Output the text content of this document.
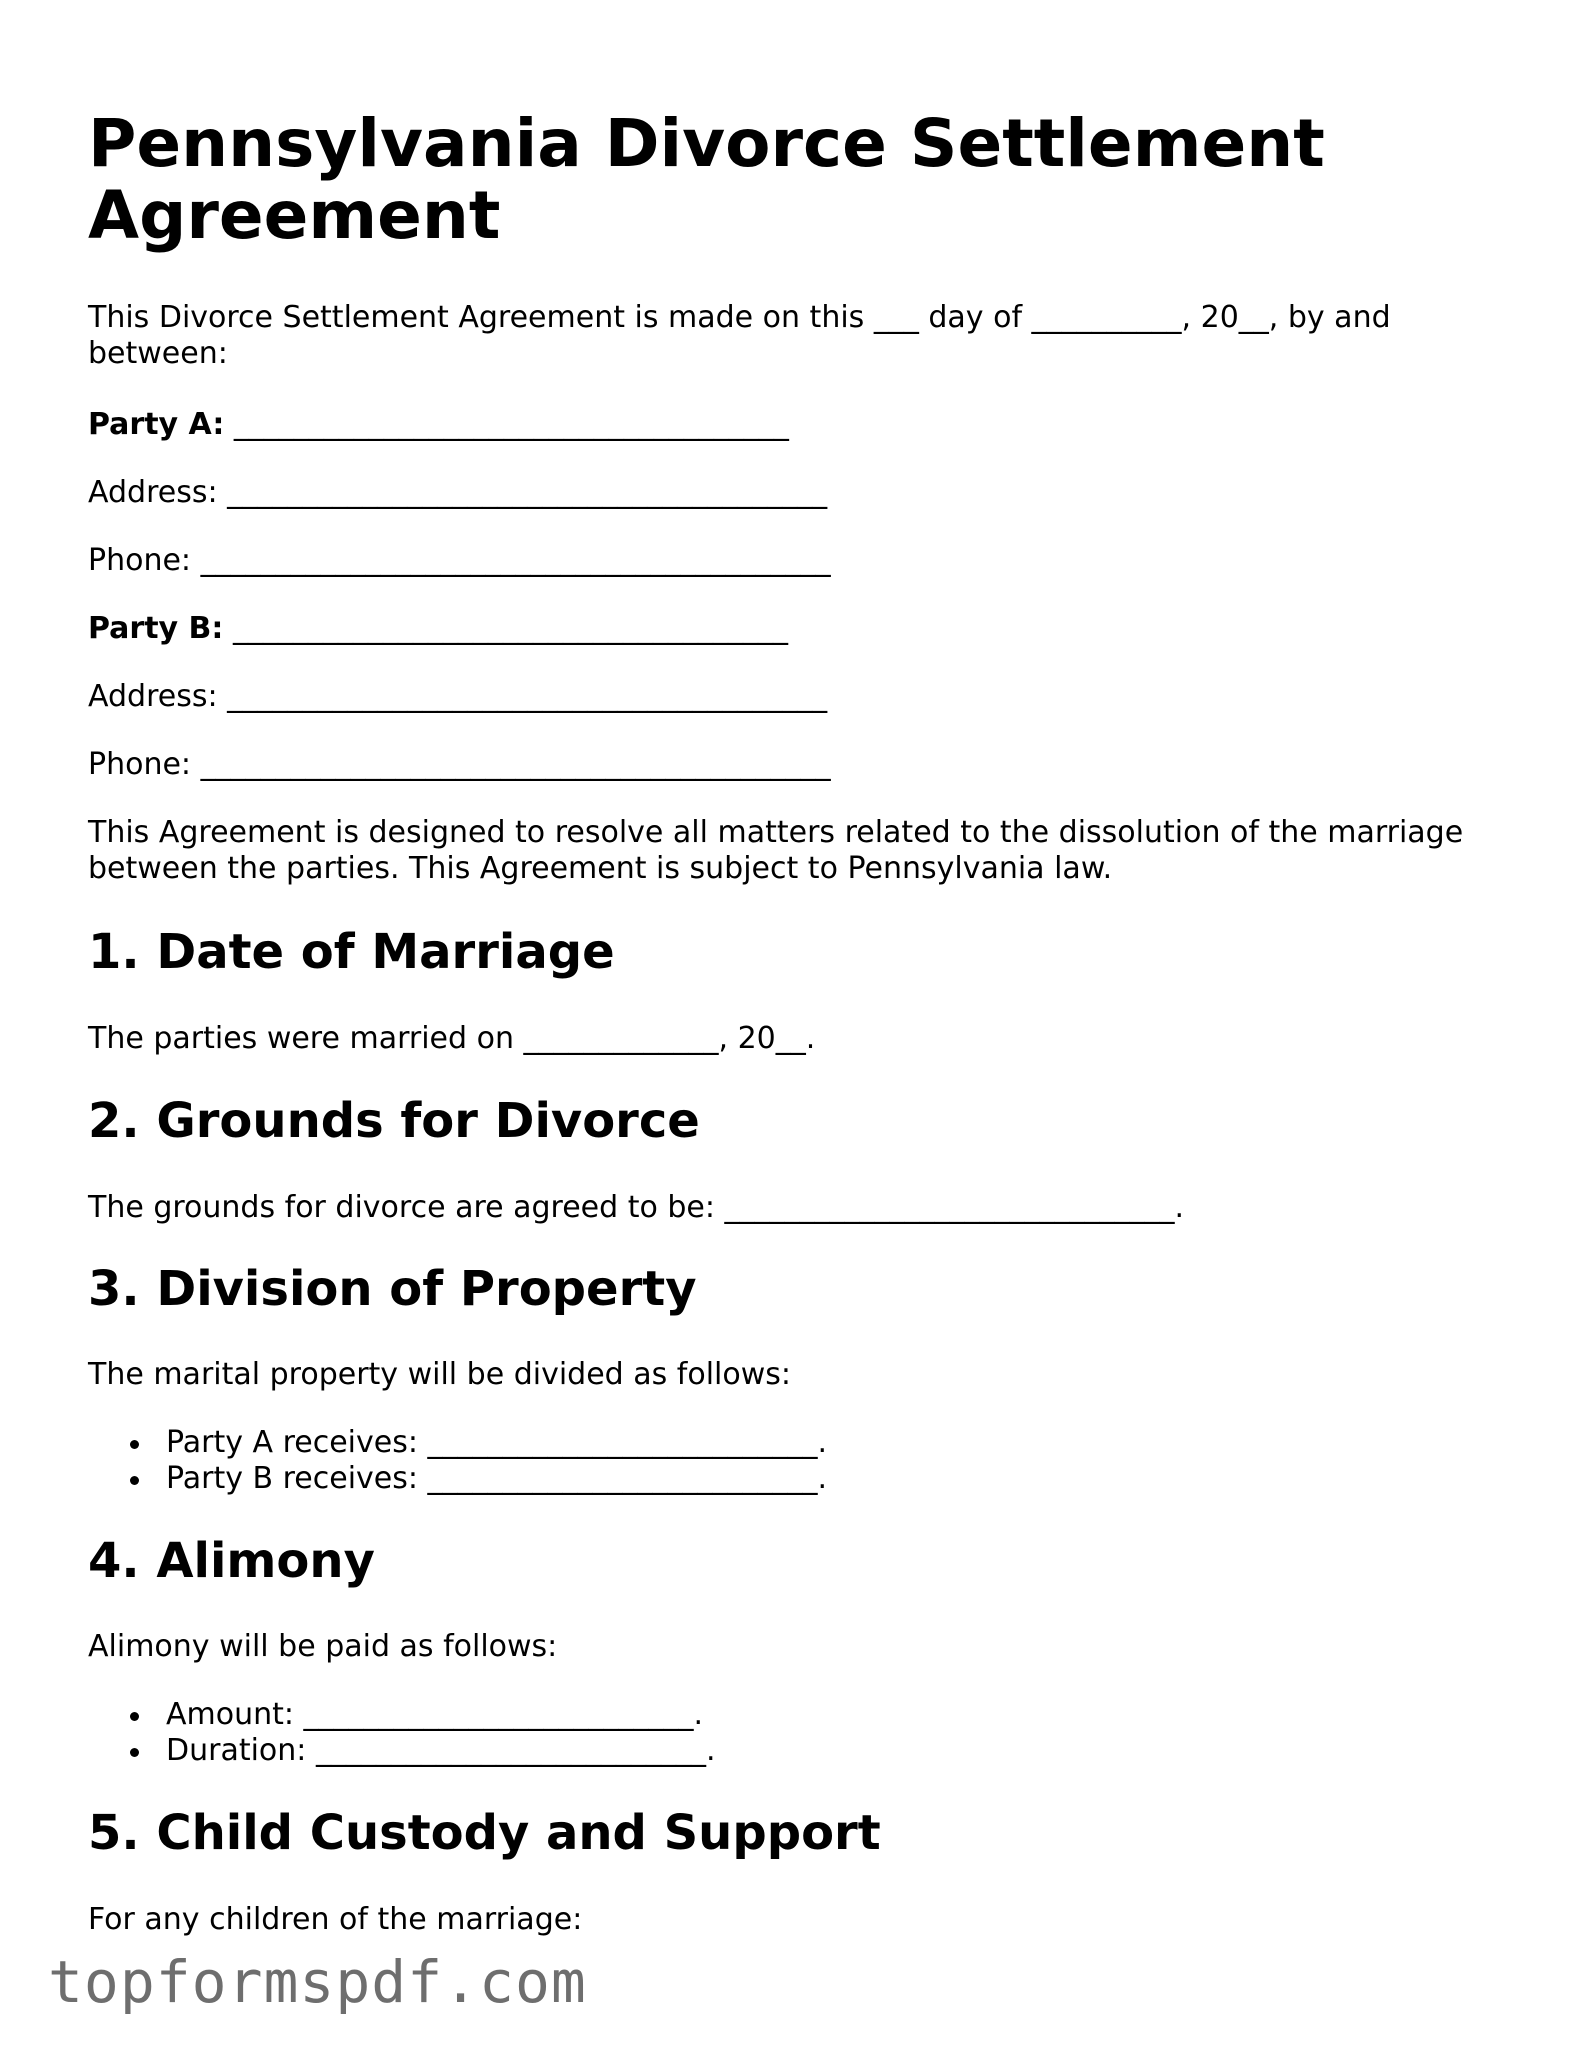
Pennsylvania Divorce Settlement Agreement

This Divorce Settlement Agreement is made on this ___ day of __________, 20__, by and between:

Party A: _____________________________________

Address: ________________________________________

Phone: __________________________________________

Party B: _____________________________________

Address: ________________________________________

Phone: __________________________________________

This Agreement is designed to resolve all matters related to the dissolution of the marriage between the parties. This Agreement is subject to Pennsylvania law.

1. Date of Marriage

The parties were married on _____________, 20__.

2. Grounds for Divorce

The grounds for divorce are agreed to be: ______________________________.

3. Division of Property

The marital property will be divided as follows:

Party A receives: __________________________.
Party B receives: __________________________.
4. Alimony

Alimony will be paid as follows:

Amount: __________________________.
Duration: __________________________.
5. Child Custody and Support

For any children of the marriage:

topformspdf.com
